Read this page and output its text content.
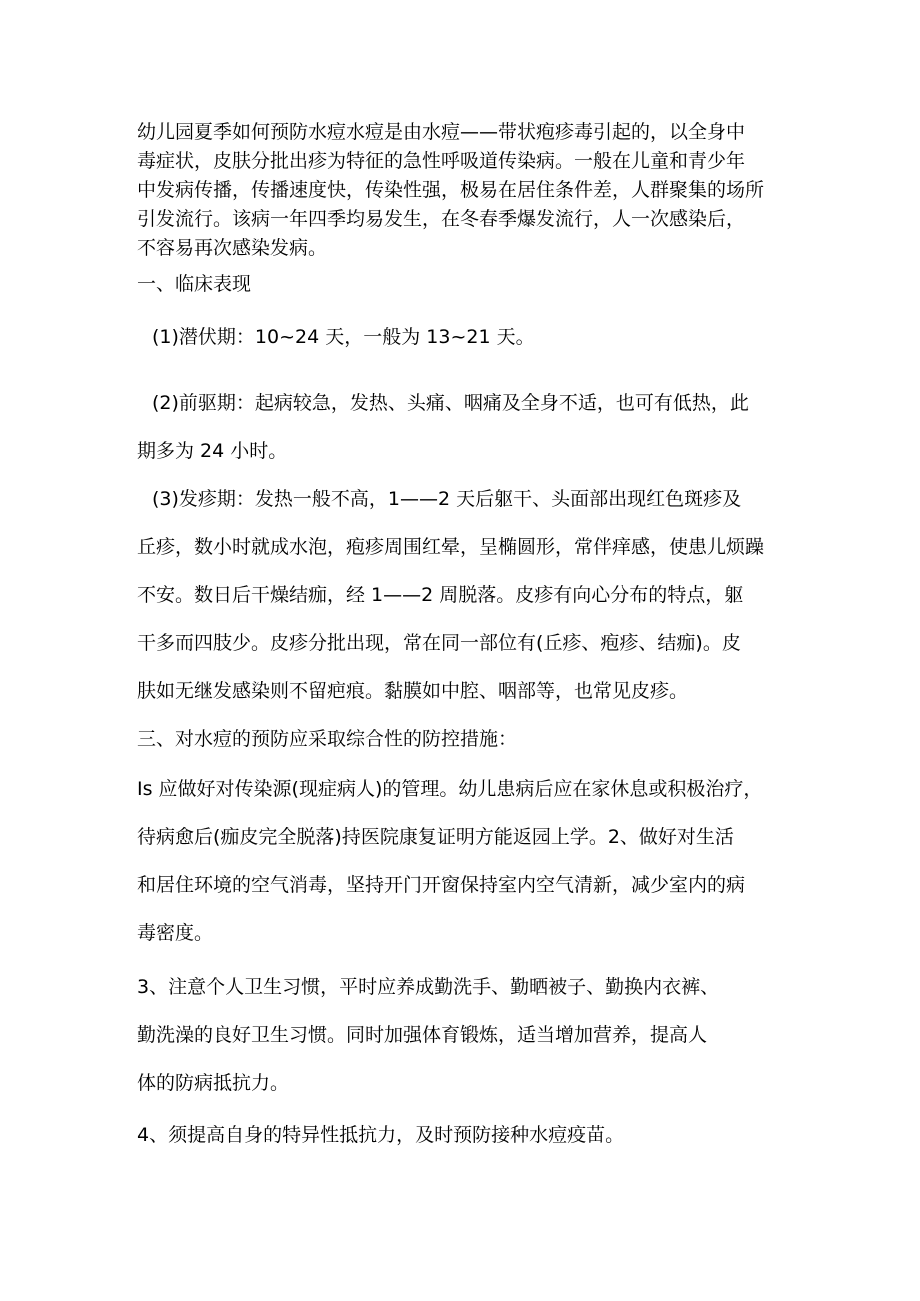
幼儿园夏季如何预防水痘水痘是由水痘——带状疱疹毒引起的，以全身中
毒症状，皮肤分批出疹为特征的急性呼吸道传染病。一般在儿童和青少年
中发病传播，传播速度快，传染性强，极易在居住条件差，人群聚集的场所
引发流行。该病一年四季均易发生，在冬春季爆发流行，人一次感染后，
不容易再次感染发病。
一、临床表现
(1)潜伏期：10~24 天，一般为 13~21 天。
(2)前驱期：起病较急，发热、头痛、咽痛及全身不适，也可有低热，此
期多为 24 小时。
(3)发疹期：发热一般不高，1——2 天后躯干、头面部出现红色斑疹及
丘疹，数小时就成水泡，疱疹周围红晕，呈椭圆形，常伴痒感，使患儿烦躁
不安。数日后干燥结痂，经 1——2 周脱落。皮疹有向心分布的特点，躯
干多而四肢少。皮疹分批出现，常在同一部位有(丘疹、疱疹、结痂)。皮
肤如无继发感染则不留疤痕。黏膜如中腔、咽部等，也常见皮疹。
三、对水痘的预防应采取综合性的防控措施：
Is 应做好对传染源(现症病人)的管理。幼儿患病后应在家休息或积极治疗，
待病愈后(痂皮完全脱落)持医院康复证明方能返园上学。2、做好对生活
和居住环境的空气消毒，坚持开门开窗保持室内空气清新，减少室内的病
毒密度。
3、注意个人卫生习惯，平时应养成勤洗手、勤晒被子、勤换内衣裤、
勤洗澡的良好卫生习惯。同时加强体育锻炼，适当增加营养，提高人
体的防病抵抗力。
4、须提高自身的特异性抵抗力，及时预防接种水痘疫苗。
